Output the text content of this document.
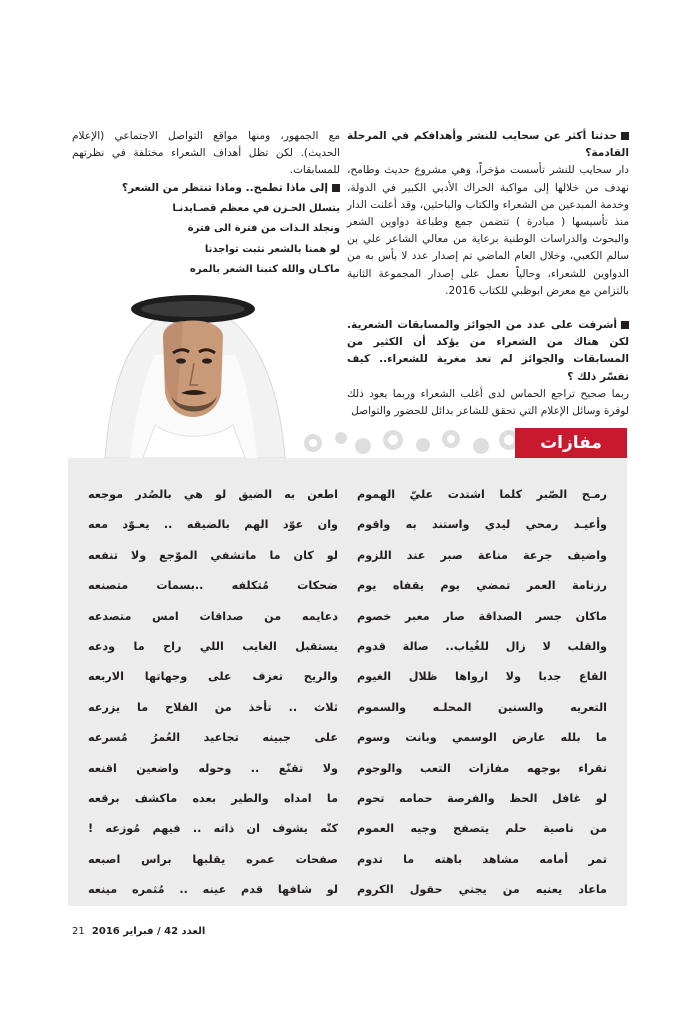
حدثنا أكثر عن سحايب للنشر وأهدافكم في المرحلة القادمة؟

دار سحايب للنشر تأسست مؤخراً، وهي مشروع حديث وطامح، نهدف من خلالها إلى مواكبة الحراك الأدبي الكبير في الدولة، وخدمة المبدعين من الشعراء والكتاب والباحثين، وقد أعلنت الدار منذ تأسيسها ( مبادرة ) تتضمن جمع وطباعة دواوين الشعر والبحوث والدراسات الوطنية برعاية من معالي الشاعر علي بن سالم الكعبي، وخلال العام الماضي تم إصدار عدد لا بأس به من الدواوين للشعراء، وحالياً نعمل على إصدار المجموعة الثانية بالتزامن مع معرض ابوظبي للكتاب 2016.

أشرفت على عدد من الجوائز والمسابقات الشعرية. لكن هناك من الشعراء من يؤكد أن الكثير من المسابقات والجوائز لم تعد مغرية للشعراء.. كيف تفسّر ذلك ؟

ربما صحيح تراجع الحماس لدى أغلب الشعراء وربما يعود ذلك لوفرة وسائل الإعلام التي تحقق للشاعر بدائل للحضور والتواصل

مع الجمهور، ومنها مواقع التواصل الاجتماعي (الإعلام الحديث). لكن تظل أهداف الشعراء مختلفة في نظرتهم للمسابقات.

إلى ماذا تطمح.. وماذا تنتظر من الشعر؟
يتسلل الحـزن في معظم قصـايدنـا
ونجلد الـذات من فترة الى فترة
لو همنا بالشعر نثبت تواجدنا
ماكـان والله كتبنا الشعر بالمره
مفازات
رمـح الصّبر كلما اشتدت عليّ الهموم
وأعيـد رمحي ليدي واستند به واقوم
واضيف جرعة مناعة صبر عند اللزوم
رزنامة العمر تمضي يوم يقفاه يوم
ماكان جسر الصداقة صار معبر خصوم
والقلب لا زال للغُياب.. صالة قدوم
القاع جدبا ولا ارواها ظلال الغيوم
التعريه والسنين المحلـه والسموم
ما بلله عارض الوسمي وبانت وسوم
تقراء بوجهه مفازات التعب والوجوم
لو غافل الحظ والفرصة حمامه تحوم
من ناصية حلم يتصفح وجيه العموم
تمر أمامه مشاهد باهته ما تدوم
ماعاد يعنيه من يجني حقول الكروم
اطعن به الضيق لو هي بالصُدر موجعه
وان عوّد الهم بالضيقه .. يعـوّد معه
لو كان ما ماتشفي الموّجع ولا تنفعه
ضحكات مُتكلفه ..بسمات متصنعه
دعايمه من صداقات امس متصدعه
يستقبل الغايب اللي راح ما ودعه
والريح تعزف على وجهاتها الاربعه
ثلاث .. تأخذ من الفلاح ما يزرعه
على جبينه تجاعيد العُمرُ مُسرعه
ولا تقنّع .. وحوله واضعين اقنعه
ما امداه والطير بعده ماكشف برقعه
كنّه يشوف ان ذاته .. فيهم مُوزعه !
صفحات عمره يقلبها براس اصبعه
لو شافها قدم عينه .. مُثمره مينعه
21 العدد 42 / فبراير 2016
